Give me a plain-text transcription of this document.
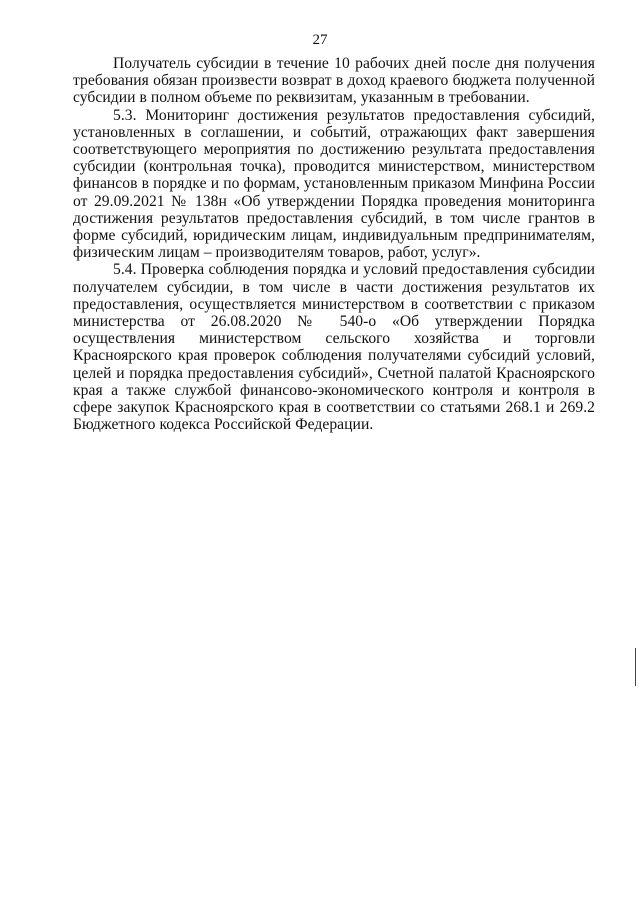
27

Получатель субсидии в течение 10 рабочих дней после дня получения требования обязан произвести возврат в доход краевого бюджета полученной субсидии в полном объеме по реквизитам, указанным в требовании.

5.3. Мониторинг достижения результатов предоставления субсидий, установленных в соглашении, и событий, отражающих факт завершения соответствующего мероприятия по достижению результата предоставления субсидии (контрольная точка), проводится министерством, министерством финансов в порядке и по формам, установленным приказом Минфина России от 29.09.2021 № 138н «Об утверждении Порядка проведения мониторинга достижения результатов предоставления субсидий, в том числе грантов в форме субсидий, юридическим лицам, индивидуальным предпринимателям, физическим лицам – производителям товаров, работ, услуг».

5.4. Проверка соблюдения порядка и условий предоставления субсидии получателем субсидии, в том числе в части достижения результатов их предоставления, осуществляется министерством в соответствии с приказом министерства от 26.08.2020 № 540-о «Об утверждении Порядка осуществления министерством сельского хозяйства и торговли Красноярского края проверок соблюдения получателями субсидий условий, целей и порядка предоставления субсидий», Счетной палатой Красноярского края а также службой финансово-экономического контроля и контроля в сфере закупок Красноярского края в соответствии со статьями 268.1 и 269.2 Бюджетного кодекса Российской Федерации.
